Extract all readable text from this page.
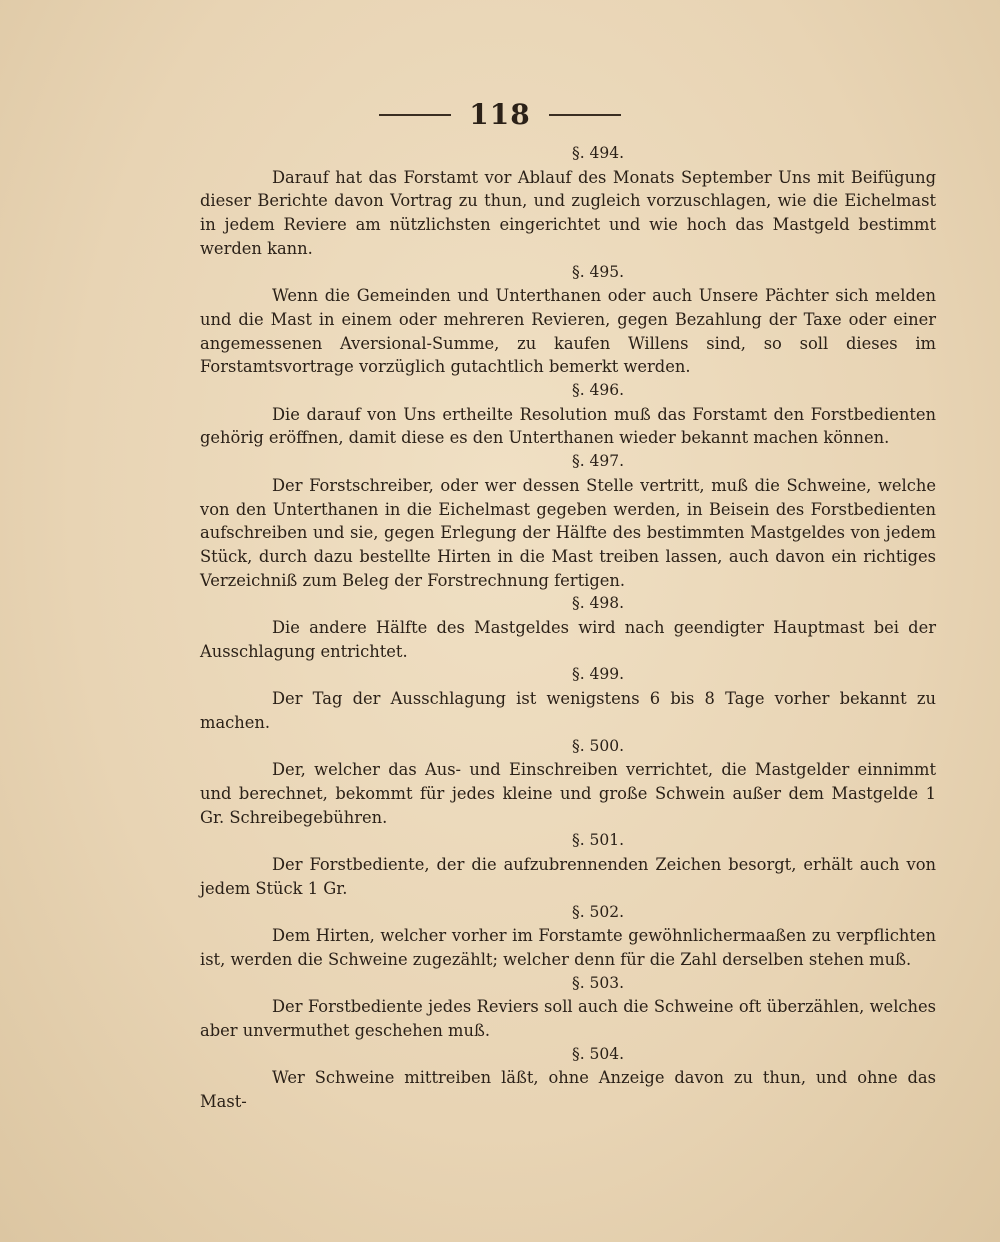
118
§. 494.

Darauf hat das Forstamt vor Ablauf des Monats September Uns mit Beifügung dieser Berichte davon Vortrag zu thun, und zugleich vorzuschlagen, wie die Eichelmast in jedem Reviere am nützlichsten eingerichtet und wie hoch das Mastgeld bestimmt werden kann.

§. 495.

Wenn die Gemeinden und Unterthanen oder auch Unsere Pächter sich melden und die Mast in einem oder mehreren Revieren, gegen Bezahlung der Taxe oder einer angemessenen Aversional-Summe, zu kaufen Willens sind, so soll dieses im Forstamtsvortrage vorzüglich gutachtlich bemerkt werden.

§. 496.

Die darauf von Uns ertheilte Resolution muß das Forstamt den Forstbedienten gehörig eröffnen, damit diese es den Unterthanen wieder bekannt machen können.

§. 497.

Der Forstschreiber, oder wer dessen Stelle vertritt, muß die Schweine, welche von den Unterthanen in die Eichelmast gegeben werden, in Beisein des Forstbedienten aufschreiben und sie, gegen Erlegung der Hälfte des bestimmten Mastgeldes von jedem Stück, durch dazu bestellte Hirten in die Mast treiben lassen, auch davon ein richtiges Verzeichniß zum Beleg der Forstrechnung fertigen.

§. 498.

Die andere Hälfte des Mastgeldes wird nach geendigter Hauptmast bei der Ausschlagung entrichtet.

§. 499.

Der Tag der Ausschlagung ist wenigstens 6 bis 8 Tage vorher bekannt zu machen.

§. 500.

Der, welcher das Aus- und Einschreiben verrichtet, die Mastgelder einnimmt und berechnet, bekommt für jedes kleine und große Schwein außer dem Mastgelde 1 Gr. Schreibegebühren.

§. 501.

Der Forstbediente, der die aufzubrennenden Zeichen besorgt, erhält auch von jedem Stück 1 Gr.

§. 502.

Dem Hirten, welcher vorher im Forstamte gewöhnlichermaaßen zu verpflichten ist, werden die Schweine zugezählt; welcher denn für die Zahl derselben stehen muß.

§. 503.

Der Forstbediente jedes Reviers soll auch die Schweine oft überzählen, welches aber unvermuthet geschehen muß.

§. 504.

Wer Schweine mittreiben läßt, ohne Anzeige davon zu thun, und ohne das Mast-
